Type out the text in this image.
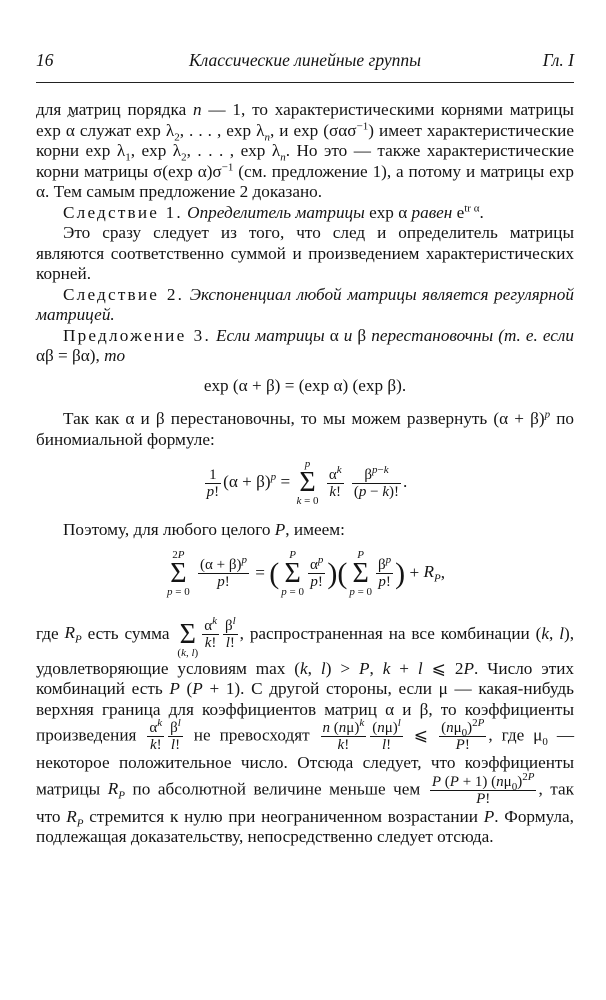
16	Классические линейные группы	Гл. I

для матриц порядка n — 1, то характеристическими корнями матрицы exp ~ α служат $\exp \lambda_2$, . . . , $\exp \lambda_n$, и exp (σασ$^{-1}$) имеет характеристические корни $\exp \lambda_1$, $\exp \lambda_2$, . . . , $\exp \lambda_n$. Но это — также характеристические корни матрицы σ(exp $\alpha)\sigma^{-1}$ (см. предложение 1), а потому и матрицы exp α. Тем самым предложение 2 доказано.

Следствие 1. Определитель матрицы exp α равен $e^{tr \alpha}$.

Это сразу следует из того, что след и определитель матрицы являются соответственно суммой и произведением характеристических корней.

Следствие 2. Экспоненциал любой матрицы является регулярной матрицей.

Предложение 3. Если матрицы α и β перестановочны (т. е. если αβ = βα), то

exp (α + β) = (exp α) (exp β).

Так как α и β перестановочны, то мы можем развернуть $(\alpha + \beta)^p$ по биномиальной формуле:

$\frac{1}{p!} (\alpha + \beta)^p = p$
Σ
k = 0
$\frac{\alpha^k}{k!}$
$\frac{\beta^{p-k}}{(p - k)!}$ .

Поэтому, для любого целого P, имеем:

2P
Σ
p = 0
$\frac{(\alpha + \beta)^p}{p!} = (P$
Σ
p = 0
$\frac{\alpha^p}{p!} )(P$
Σ
p = 0
$\frac{\beta^p}{p!}$ ) + $R_P$,

где $R_P$ есть сумма Σ
(k, l)
$\frac{\alpha^k}{k!} \frac{\beta^l}{l!}$ , распространенная на все комбинации (k, l), удовлетворяющие условиям max (k, l) > P, k + l ⩽ 2P. Число этих комбинаций есть P (P + 1). С другой стороны, если μ — какая-нибудь верхняя граница для коэффициентов матриц α и β, то коэффициенты произведения $\frac{\alpha^k}{k!} \frac{\beta^l}{l!}$ не превосходят $\frac{n (n\mu)^k}{k!} \frac{(n\mu)^l}{l!}$ ⩽ $\frac{(n\mu_0)^{2P}}{P!}$ , где $\mu_0$ — некоторое положительное число. Отсюда следует, что коэффициенты матрицы $R_P$ по абсолютной величине меньше чем $\frac{P (P + 1) (n\mu_0)^{2P}}{P!}$ , так что $R_P$ стремится к нулю при неограниченном возрастании P. Формула, подлежащая доказательству, непосредственно следует отсюда.
